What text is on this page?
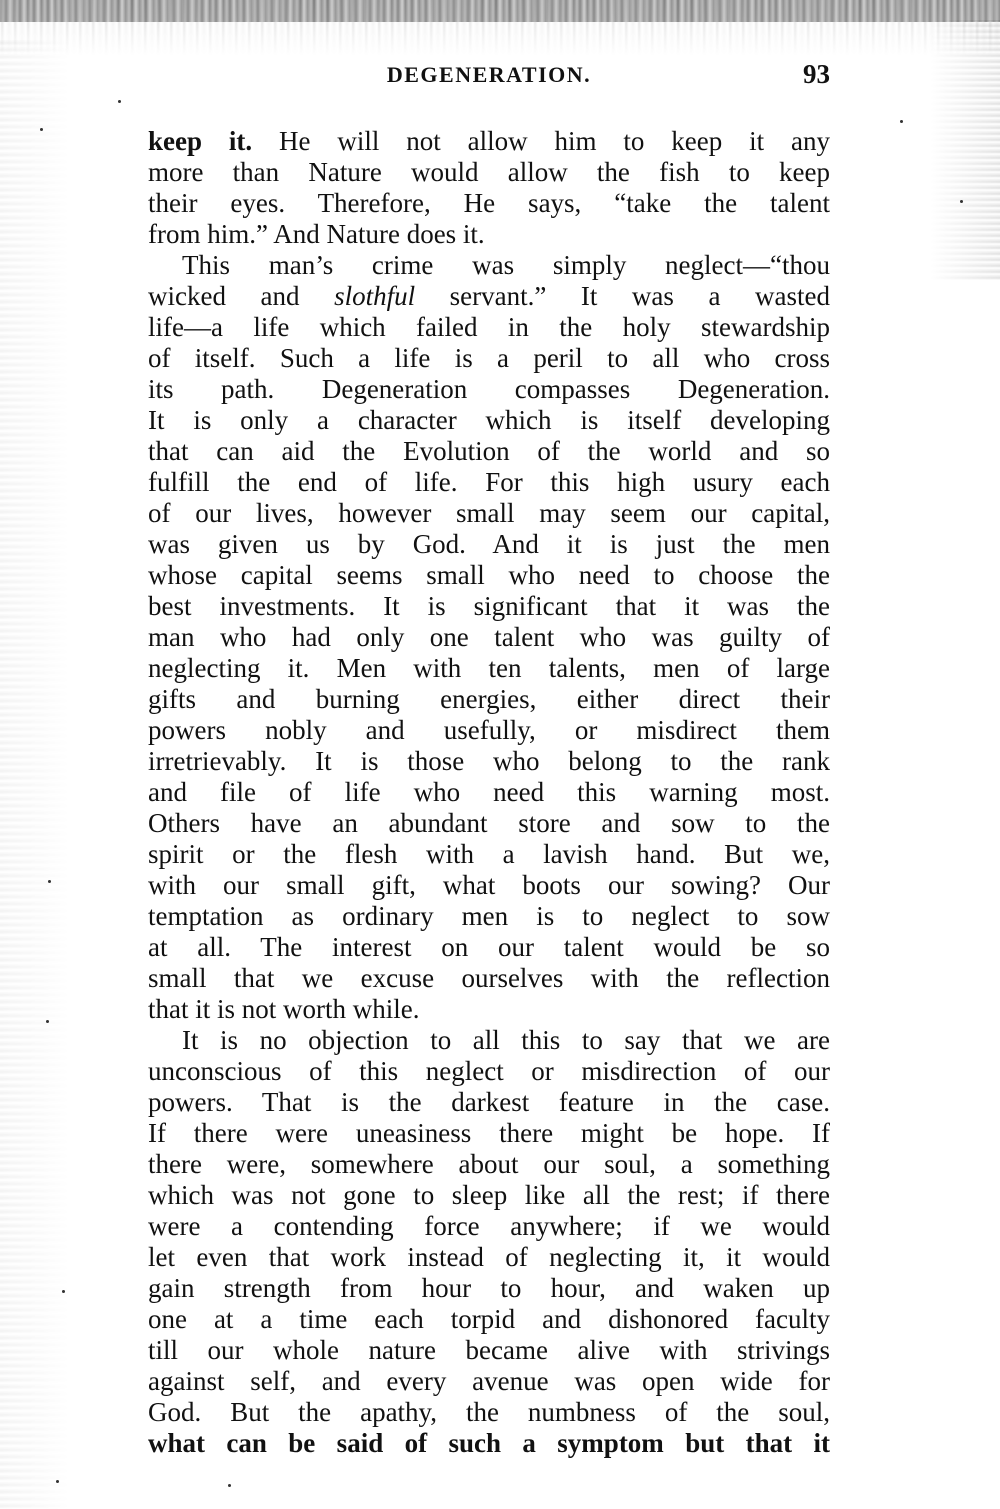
DEGENERATION.	93
keep it. He will not allow him to keep it any
more than Nature would allow the fish to keep
their eyes. Therefore, He says, “take the talent
from him.” And Nature does it.
This man’s crime was simply neglect—“thou
wicked and slothful servant.” It was a wasted
life—a life which failed in the holy stewardship
of itself. Such a life is a peril to all who cross
its path. Degeneration compasses Degeneration.
It is only a character which is itself developing
that can aid the Evolution of the world and so
fulfill the end of life. For this high usury each
of our lives, however small may seem our capital,
was given us by God. And it is just the men
whose capital seems small who need to choose the
best investments. It is significant that it was the
man who had only one talent who was guilty of
neglecting it. Men with ten talents, men of large
gifts and burning energies, either direct their
powers nobly and usefully, or misdirect them
irretrievably. It is those who belong to the rank
and file of life who need this warning most.
Others have an abundant store and sow to the
spirit or the flesh with a lavish hand. But we,
with our small gift, what boots our sowing? Our
temptation as ordinary men is to neglect to sow
at all. The interest on our talent would be so
small that we excuse ourselves with the reflection
that it is not worth while.
It is no objection to all this to say that we are
unconscious of this neglect or misdirection of our
powers. That is the darkest feature in the case.
If there were uneasiness there might be hope. If
there were, somewhere about our soul, a something
which was not gone to sleep like all the rest; if there
were a contending force anywhere; if we would
let even that work instead of neglecting it, it would
gain strength from hour to hour, and waken up
one at a time each torpid and dishonored faculty
till our whole nature became alive with strivings
against self, and every avenue was open wide for
God. But the apathy, the numbness of the soul,
what can be said of such a symptom but that it
